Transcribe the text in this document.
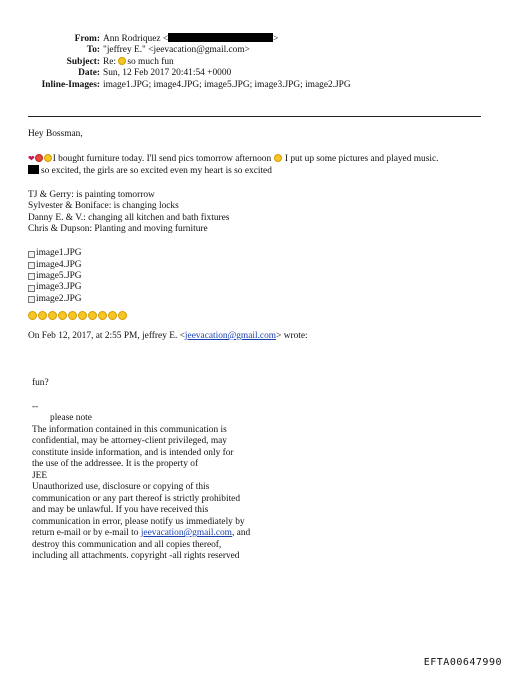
From: Ann Rodriquez <	>
To: "jeffrey E." <jeevacation@gmail.com>
Subject: Re: so much fun
Date: Sun, 12 Feb 2017 20:41:54 +0000
Inline-Images: image1.JPG; image4.JPG; image5.JPG; image3.JPG; image2.JPG

Hey Bossman,

❤ I bought furniture today. I'll send pics tomorrow afternoon I put up some pictures and played music.
so excited, the girls are so excited even my heart is so excited
TJ & Gerry: is painting tomorrow
Sylvester & Boniface: is changing locks
Danny E. & V.: changing all kitchen and bath fixtures
Chris & Dupson: Planting and moving furniture
image1.JPG
image4.JPG
image5.JPG
image3.JPG
image2.JPG
On Feb 12, 2017, at 2:55 PM, jeffrey E. <jeevacation@gmail.com> wrote:
fun?
--
please note
The information contained in this communication is
confidential, may be attorney-client privileged, may
constitute inside information, and is intended only for
the use of the addressee. It is the property of
JEE
Unauthorized use, disclosure or copying of this
communication or any part thereof is strictly prohibited
and may be unlawful. If you have received this
communication in error, please notify us immediately by
return e-mail or by e-mail to jeevacation@gmail.com, and
destroy this communication and all copies thereof,
including all attachments. copyright -all rights reserved
EFTA00647990
